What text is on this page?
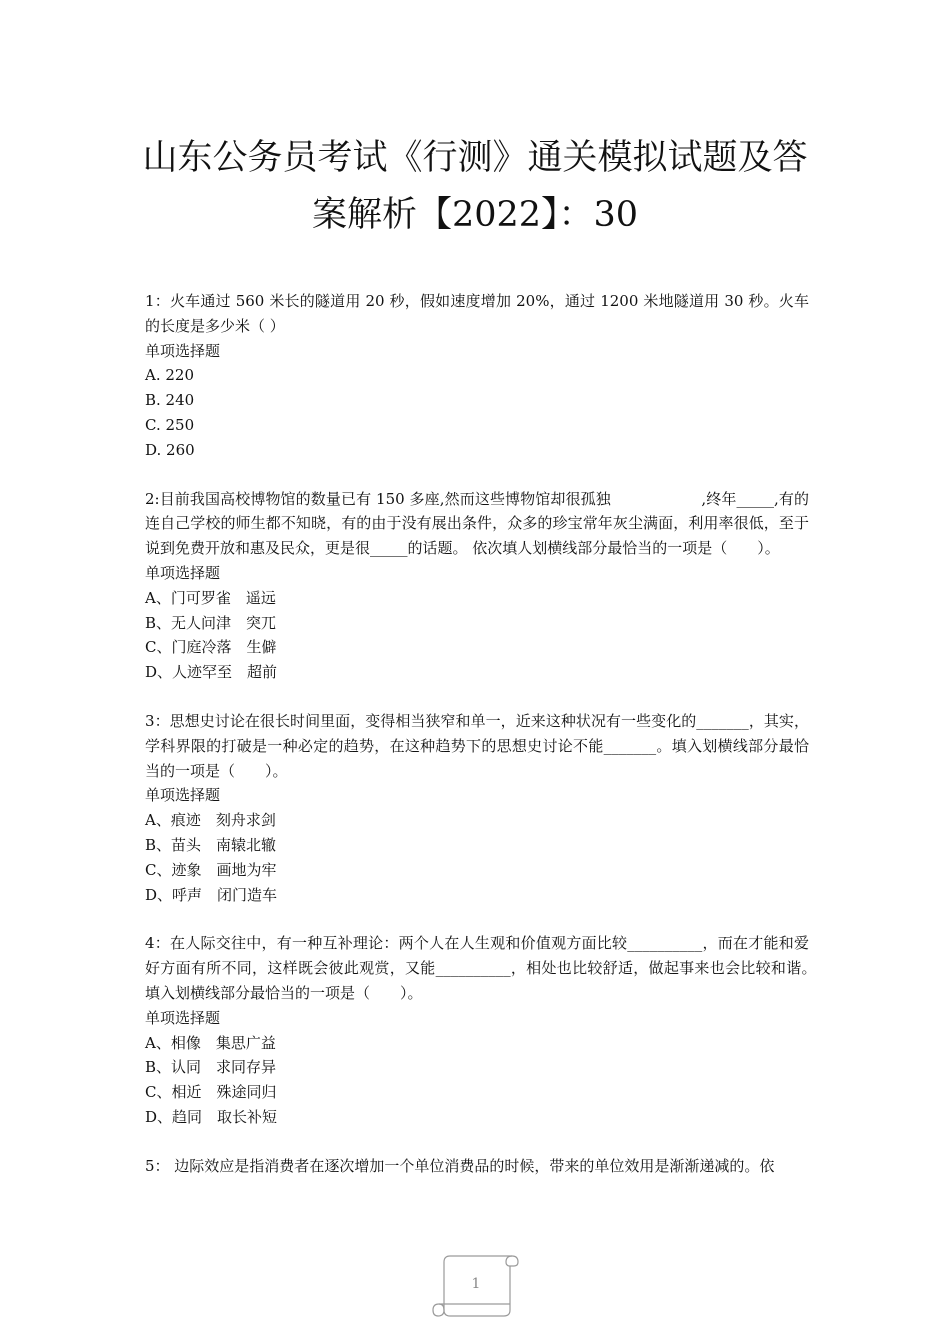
山东公务员考试《行测》通关模拟试题及答
案解析【2022】：30

1：火车通过 560 米长的隧道用 20 秒，假如速度增加 20%，通过 1200 米地隧道用 30 秒。火车的长度是多少米（ ）

单项选择题

A. 220

B. 240

C. 250

D. 260

2:目前我国高校博物馆的数量已有 150 多座,然而这些博物馆却很孤独　　　　　　,终年_____,有的连自己学校的师生都不知晓，有的由于没有展出条件，众多的珍宝常年灰尘满面，利用率很低，至于说到免费开放和惠及民众，更是很_____的话题。 依次填人划横线部分最恰当的一项是（　　）。

单项选择题

A、门可罗雀　遥远

B、无人问津　突兀

C、门庭冷落　生僻

D、人迹罕至　超前

3：思想史讨论在很长时间里面，变得相当狭窄和单一，近来这种状况有一些变化的_______，其实，学科界限的打破是一种必定的趋势，在这种趋势下的思想史讨论不能_______。填入划横线部分最恰当的一项是（　　）。

单项选择题

A、痕迹　刻舟求剑

B、苗头　南辕北辙

C、迹象　画地为牢

D、呼声　闭门造车

4：在人际交往中，有一种互补理论：两个人在人生观和价值观方面比较__________，而在才能和爱好方面有所不同，这样既会彼此观赏，又能__________，相处也比较舒适，做起事来也会比较和谐。　填入划横线部分最恰当的一项是（　　）。

单项选择题

A、相像　集思广益

B、认同　求同存异

C、相近　殊途同归

D、趋同　取长补短

5： 边际效应是指消费者在逐次增加一个单位消费品的时候，带来的单位效用是渐渐递减的。依

1
